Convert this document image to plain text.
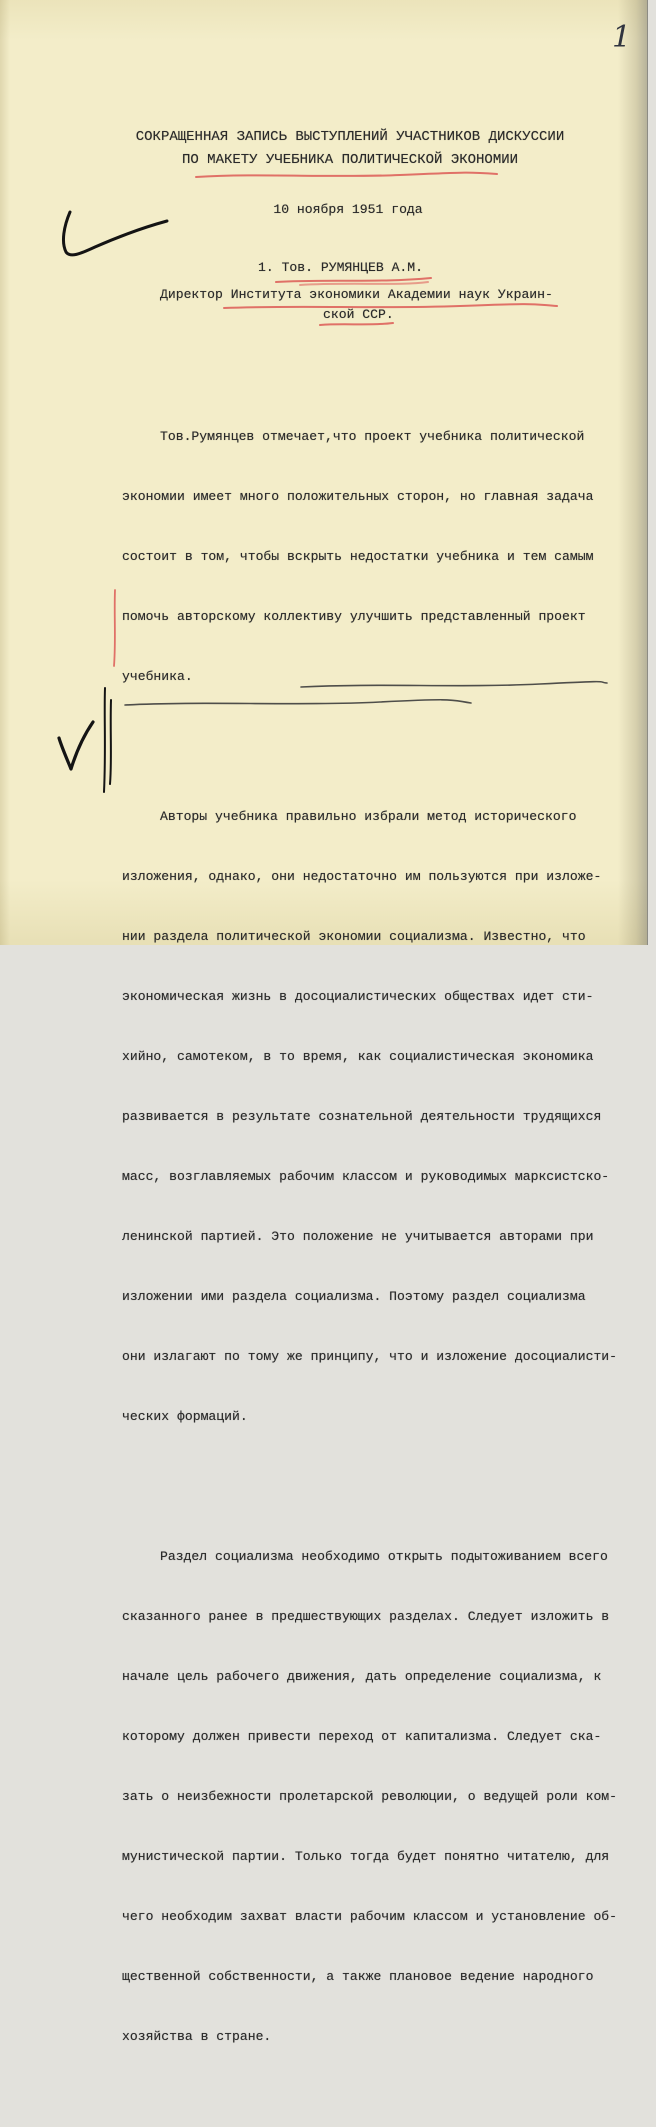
1
СОКРАЩЕННАЯ ЗАПИСЬ ВЫСТУПЛЕНИЙ УЧАСТНИКОВ ДИСКУССИИ
ПО МАКЕТУ УЧЕБНИКА ПОЛИТИЧЕСКОЙ ЭКОНОМИИ
10 ноября 1951 года
1. Тов. РУМЯНЦЕВ А.М.
Директор Института экономики Академии наук Украин-
ской ССР.

Тов.Румянцев отмечает,что проект учебника политической

экономии имеет много положительных сторон, но главная задача

состоит в том, чтобы вскрыть недостатки учебника и тем самым

помочь авторскому коллективу улучшить представленный проект

учебника.

Авторы учебника правильно избрали метод исторического

изложения, однако, они недостаточно им пользуются при изложе-

нии раздела политической экономии социализма. Известно, что

экономическая жизнь в досоциалистических обществах идет сти-

хийно, самотеком, в то время, как социалистическая экономика

развивается в результате сознательной деятельности трудящихся

масс, возглавляемых рабочим классом и руководимых марксистско-

ленинской партией. Это положение не учитывается авторами при

изложении ими раздела социализма. Поэтому раздел социализма

они излагают по тому же принципу, что и изложение досоциалисти-

ческих формаций.

Раздел социализма необходимо открыть подытоживанием всего

сказанного ранее в предшествующих разделах. Следует изложить в

начале цель рабочего движения, дать определение социализма, к

которому должен привести переход от капитализма. Следует ска-

зать о неизбежности пролетарской революции, о ведущей роли ком-

мунистической партии. Только тогда будет понятно читателю, для

чего необходим захват власти рабочим классом и установление об-

щественной собственности, а также плановое ведение народного

хозяйства в стране.
